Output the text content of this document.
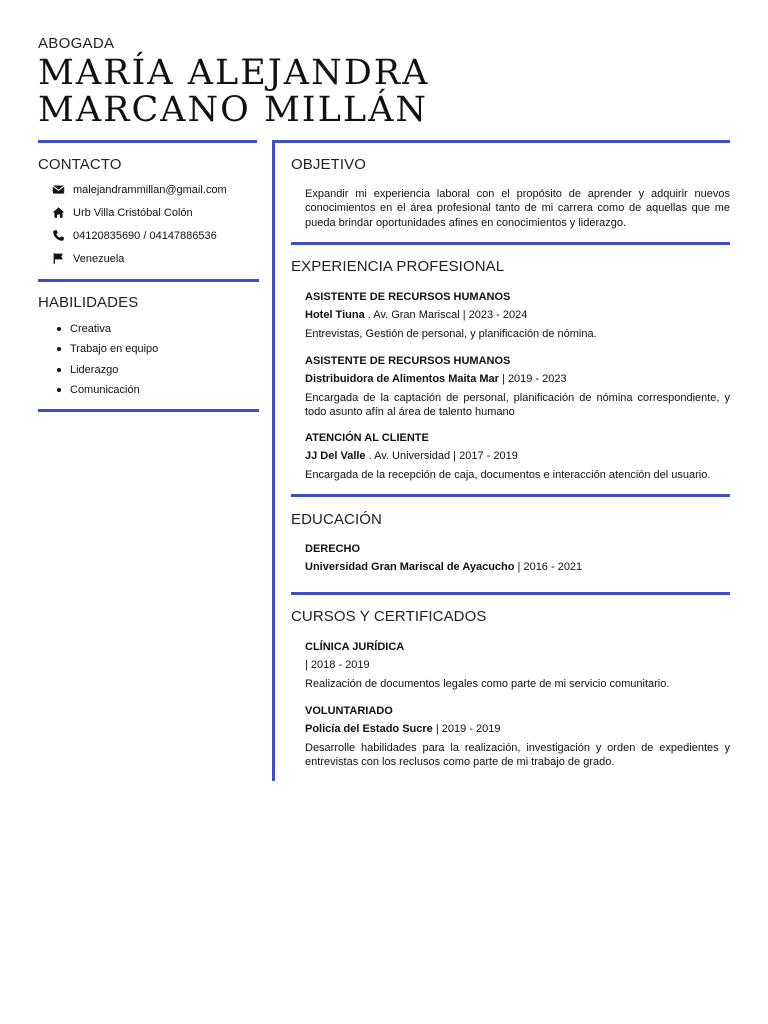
ABOGADA
MARÍA ALEJANDRA
MARCANO MILLÁN
CONTACTO
malejandrammillan@gmail.com
Urb Villa Cristóbal Colón
04120835690 / 04147886536
Venezuela
HABILIDADES
Creativa
Trabajo en equipo
Liderazgo
Comunicación
OBJETIVO
Expandir mi experiencia laboral con el propósito de aprender y adquirir nuevos conocimientos en el área profesional tanto de mi carrera como de aquellas que me pueda brindar oportunidades afines en conocimientos y liderazgo.
EXPERIENCIA PROFESIONAL
ASISTENTE DE RECURSOS HUMANOS
Hotel Tiuna . Av. Gran Mariscal | 2023 - 2024
Entrevistas, Gestión de personal, y planificación de nómina.
ASISTENTE DE RECURSOS HUMANOS
Distribuidora de Alimentos Maita Mar | 2019 - 2023
Encargada de la captación de personal, planificación de nómina correspondiente, y todo asunto afín al área de talento humano
ATENCIÓN AL CLIENTE
JJ Del Valle . Av. Universidad | 2017 - 2019
Encargada de la recepción de caja, documentos e interacción atención del usuario.
EDUCACIÓN
DERECHO
Universidad Gran Mariscal de Ayacucho | 2016 - 2021
CURSOS Y CERTIFICADOS
CLÍNICA JURÍDICA
| 2018 - 2019
Realización de documentos legales como parte de mi servicio comunitario.
VOLUNTARIADO
Policía del Estado Sucre | 2019 - 2019
Desarrolle habilidades para la realización, investigación y orden de expedientes y entrevistas con los reclusos como parte de mi trabajo de grado.
